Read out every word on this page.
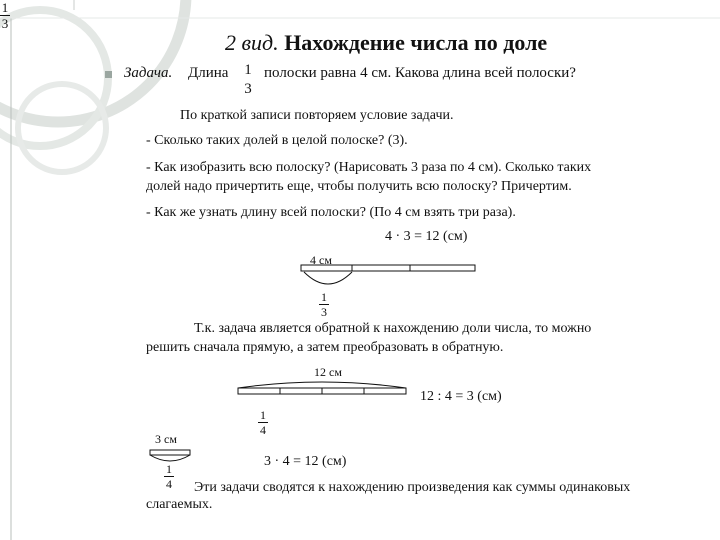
1
3
2 вид. Нахождение числа по доле
Задача. Длина 1
3
полоски равна 4 см. Какова длина всей полоски?
По краткой записи повторяем условие задачи.
- Сколько таких долей в целой полоске? (3).
- Как изобразить всю полоску? (Нарисовать 3 раза по 4 см). Сколько таких
долей надо причертить еще, чтобы получить всю полоску? Причертим.
- Как же узнать длину всей полоски? (По 4 см взять три раза).
4 · 3 = 12 (см)
4 см
1
3
Т.к. задача является обратной к нахождению доли числа, то можно
решить сначала прямую, а затем преобразовать в обратную.
12 см
12 : 4 = 3 (см)
1
4
3 см
3 · 4 = 12 (см)
1
4 Эти задачи сводятся к нахождению произведения как суммы одинаковых
слагаемых.
